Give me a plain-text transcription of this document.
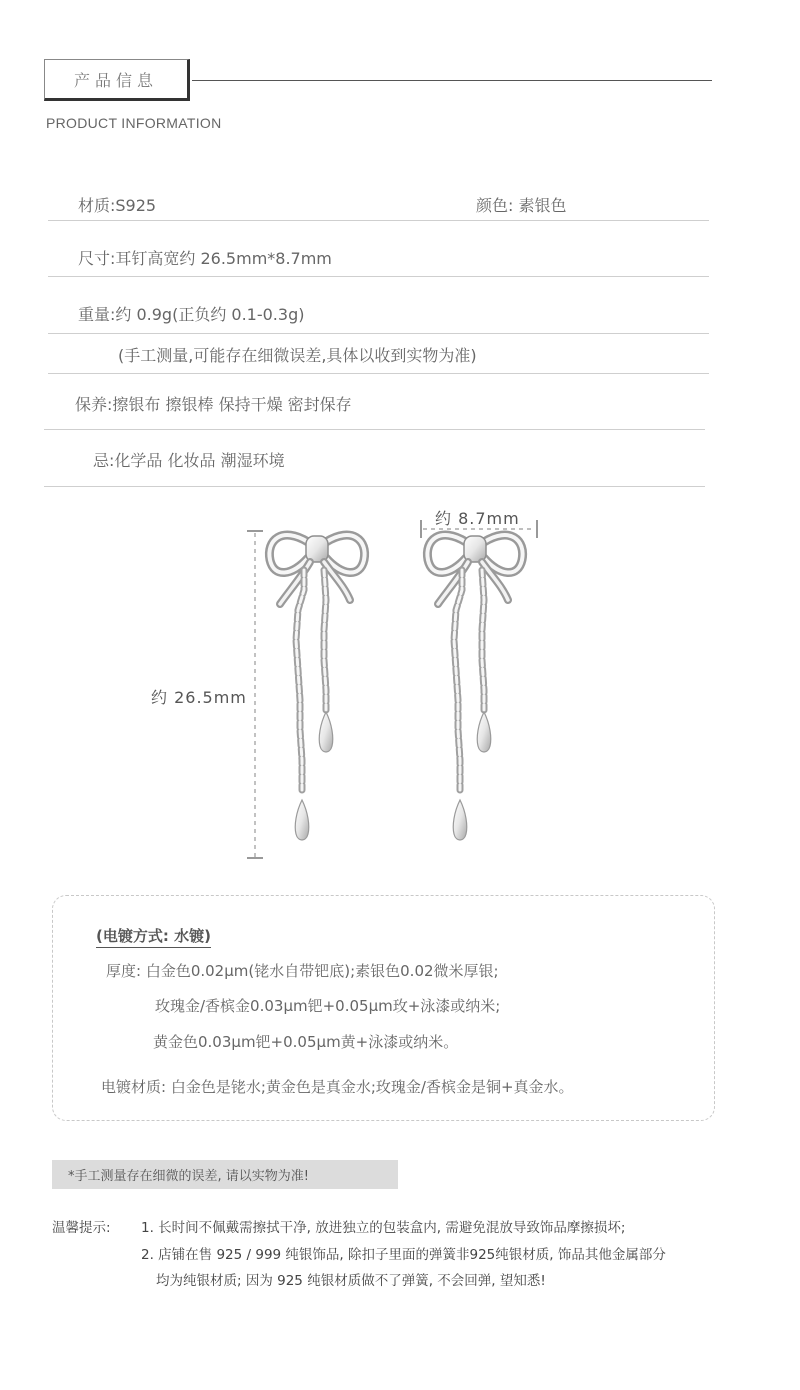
产品信息
PRODUCT INFORMATION
材质:S925	颜色: 素银色
尺寸:耳钉高宽约 26.5mm*8.7mm
重量:约 0.9g(正负约 0.1-0.3g)
(手工测量,可能存在细微误差,具体以收到实物为准)
保养:擦银布 擦银棒 保持干燥 密封保存
忌:化学品 化妆品 潮湿环境
约 8.7mm
约 26.5mm
(电镀方式: 水镀)
厚度: 白金色0.02μm(铑水自带钯底);素银色0.02微米厚银;
玫瑰金/香槟金0.03μm钯+0.05μm玫+泳漆或纳米;
黄金色0.03μm钯+0.05μm黄+泳漆或纳米。
电镀材质: 白金色是铑水;黄金色是真金水;玫瑰金/香槟金是铜+真金水。
*手工测量存在细微的误差, 请以实物为准!
温馨提示: 1. 长时间不佩戴需擦拭干净, 放进独立的包装盒内, 需避免混放导致饰品摩擦损坏;
2. 店铺在售 925 / 999 纯银饰品, 除扣子里面的弹簧非925纯银材质, 饰品其他金属部分
均为纯银材质; 因为 925 纯银材质做不了弹簧, 不会回弹, 望知悉!
